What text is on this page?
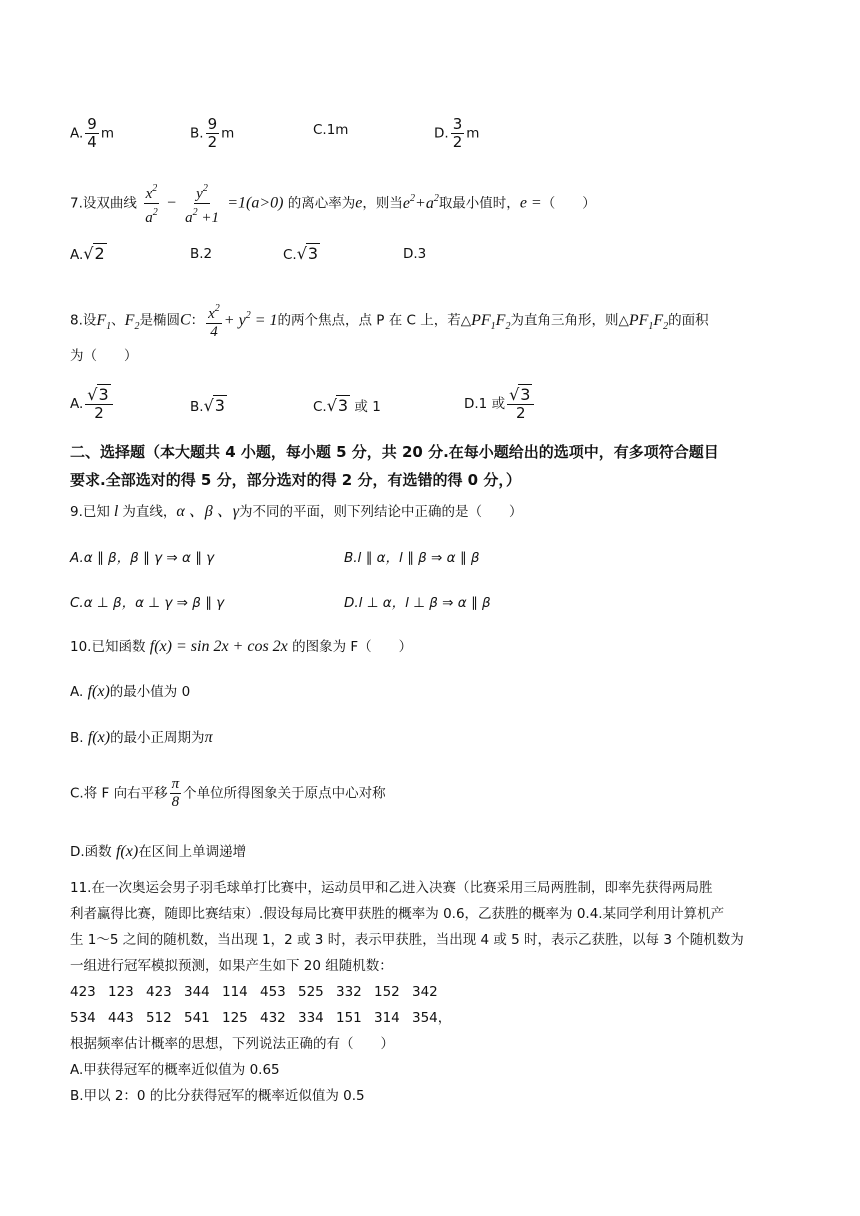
A. $\frac{9}{4}$ m	B. $\frac{9}{2}$ m	C.1m	D. $\frac{3}{2}$ m
7.设双曲线 $\frac{x^2}{a^2} - \frac{y^2}{a^2 +1} =1(a>0)$ 的离心率为e，则当$e^2+a^2$取最小值时，e =（　　）
A.√2	B.2	C.√3	D.3
8.设$F_1$、$F_2$是椭圆C： $\frac{x^2}{4} + y^2 = 1$的两个焦点，点 P 在 C 上，若$\triangle PF_1F_2$为直角三角形，则$\triangle PF_1F_2$的面积
为（　　）
A. $\frac{√3}{2}$	B.√3	C.√3 或 1	D.1 或 $\frac{√3}{2}$
二、选择题（本大题共 4 小题，每小题 5 分，共 20 分.在每小题给出的选项中，有多项符合题目
要求.全部选对的得 5 分，部分选对的得 2 分，有选错的得 0 分，）
9.已知 l 为直线，α 、β 、γ为不同的平面，则下列结论中正确的是（　　）
A.α ∥ β，β ∥ γ ⇒ α ∥ γ	B.l ∥ α，l ∥ β ⇒ α ∥ β
C.α ⊥ β，α ⊥ γ ⇒ β ∥ γ	D.l ⊥ α，l ⊥ β ⇒ α ∥ β
10.已知函数 f(x) = sin 2x + cos 2x 的图象为 F（　　）
A. f(x)的最小值为 0
B. f(x)的最小正周期为π
C.将 F 向右平移 $\frac{\pi}{8}$ 个单位所得图象关于原点中心对称
D.函数 f(x)在区间上单调递增
11.在一次奥运会男子羽毛球单打比赛中，运动员甲和乙进入决赛（比赛采用三局两胜制，即率先获得两局胜
利者赢得比赛，随即比赛结束）.假设每局比赛甲获胜的概率为 0.6，乙获胜的概率为 0.4.某同学利用计算机产
生 1～5 之间的随机数，当出现 1，2 或 3 时，表示甲获胜，当出现 4 或 5 时，表示乙获胜，以每 3 个随机数为
一组进行冠军模拟预测，如果产生如下 20 组随机数：
423 123 423 344 114 453 525 332 152 342
534 443 512 541 125 432 334 151 314 354，
根据频率估计概率的思想，下列说法正确的有（　　）
A.甲获得冠军的概率近似值为 0.65
B.甲以 2：0 的比分获得冠军的概率近似值为 0.5
